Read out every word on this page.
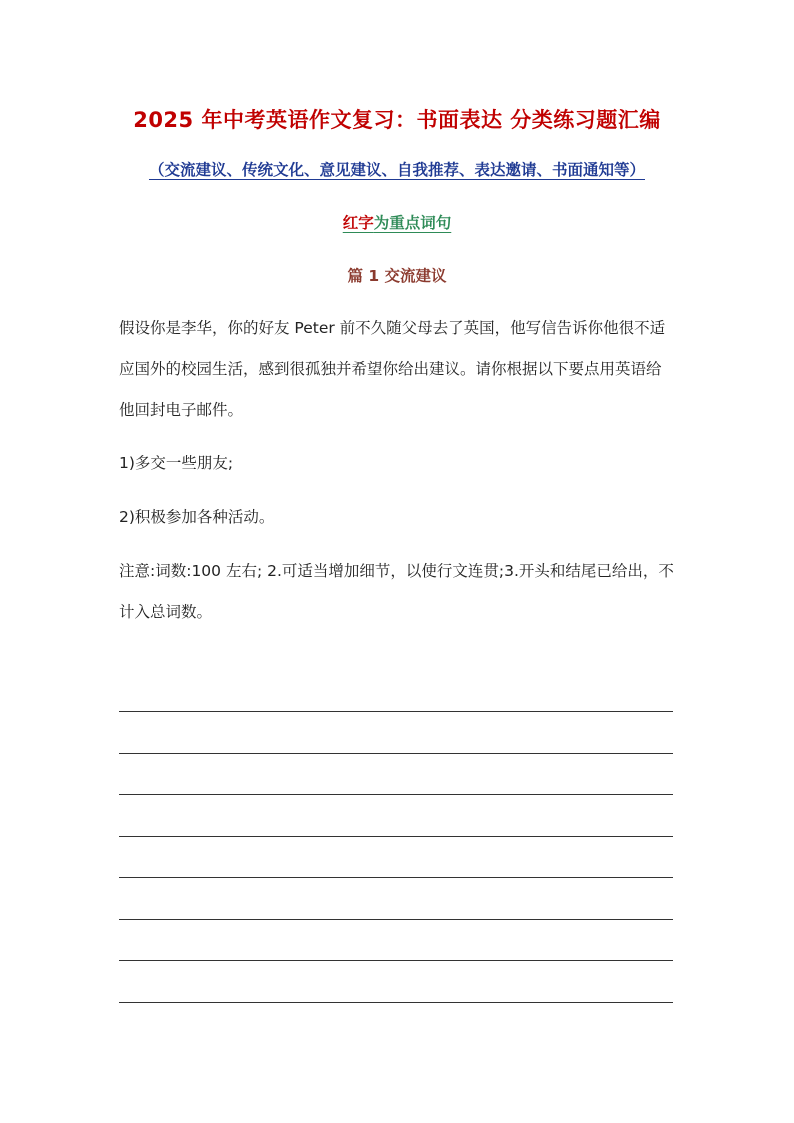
2025 年中考英语作文复习：书面表达 分类练习题汇编
（交流建议、传统文化、意见建议、自我推荐、表达邀请、书面通知等）
红字为重点词句
篇 1 交流建议
假设你是李华，你的好友 Peter 前不久随父母去了英国，他写信告诉你他很不适应国外的校园生活，感到很孤独并希望你给出建议。请你根据以下要点用英语给他回封电子邮件。
1)多交一些朋友;
2)积极参加各种活动。
注意:词数:100 左右; 2.可适当增加细节，以使行文连贯;3.开头和结尾已给出，不计入总词数。
